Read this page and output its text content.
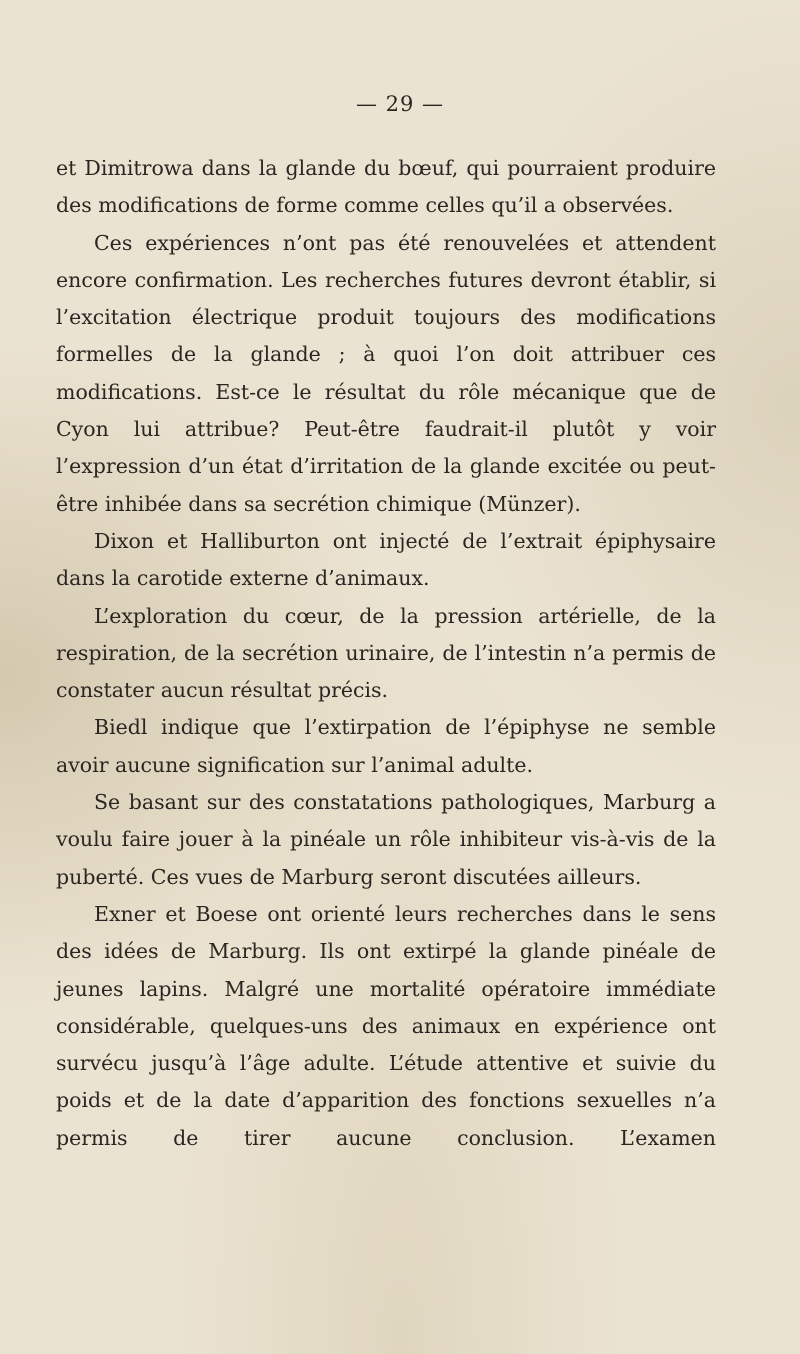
— 29 —

et Dimitrowa dans la glande du bœuf, qui pourraient produire des modifications de forme comme celles qu’il a observées.

Ces expériences n’ont pas été renouvelées et attendent encore confirmation. Les recherches futures devront établir, si l’excitation électrique produit toujours des modifications formelles de la glande ; à quoi l’on doit attribuer ces modifications. Est-ce le résultat du rôle mécanique que de Cyon lui attribue? Peut-être faudrait-il plutôt y voir l’expression d’un état d’irritation de la glande excitée ou peut-être inhibée dans sa secrétion chimique (Münzer).

Dixon et Halliburton ont injecté de l’extrait épiphysaire dans la carotide externe d’animaux.

L’exploration du cœur, de la pression artérielle, de la respiration, de la secrétion urinaire, de l’intestin n’a permis de constater aucun résultat précis.

Biedl indique que l’extirpation de l’épiphyse ne semble avoir aucune signification sur l’animal adulte.

Se basant sur des constatations pathologiques, Marburg a voulu faire jouer à la pinéale un rôle inhibiteur vis-à-vis de la puberté. Ces vues de Marburg seront discutées ailleurs.

Exner et Boese ont orienté leurs recherches dans le sens des idées de Marburg. Ils ont extirpé la glande pinéale de jeunes lapins. Malgré une mortalité opératoire immédiate considérable, quelques-uns des animaux en expérience ont survécu jusqu’à l’âge adulte. L’étude attentive et suivie du poids et de la date d’apparition des fonctions sexuelles n’a permis de tirer aucune conclusion. L’examen
